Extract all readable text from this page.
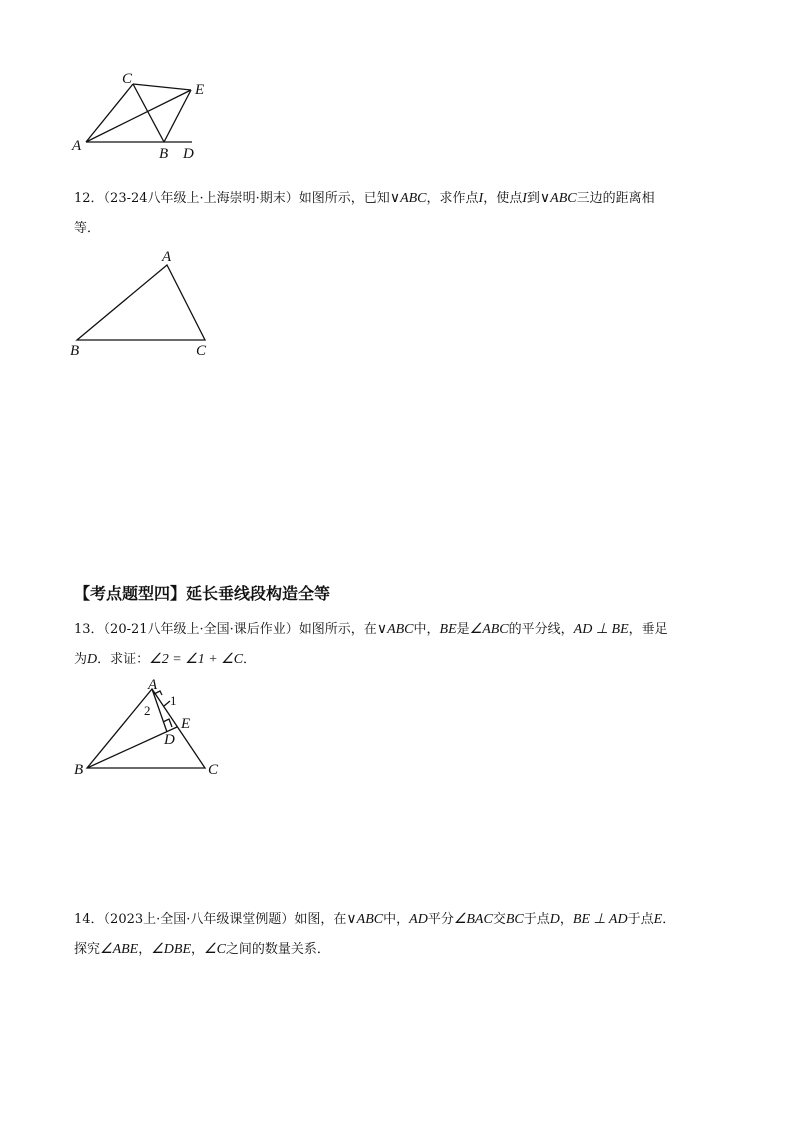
A
C
E
B D
12．（23-24八年级上·上海崇明·期末）如图所示，已知∨ABC，求作点I，使点I到∨ABC三边的距离相
等．
A
B	C
【考点题型四】延长垂线段构造全等
13．（20-21八年级上·全国·课后作业）如图所示，在∨ABC中，BE是∠ABC的平分线，AD ⊥ BE，垂足
为D．求证：∠2 = ∠1 + ∠C．
A
B	C
D
E
1
2
14．（2023上·全国·八年级课堂例题）如图，在∨ABC中，AD平分∠BAC交BC于点D，BE ⊥ AD于点E．
探究∠ABE，∠DBE，∠C之间的数量关系．
